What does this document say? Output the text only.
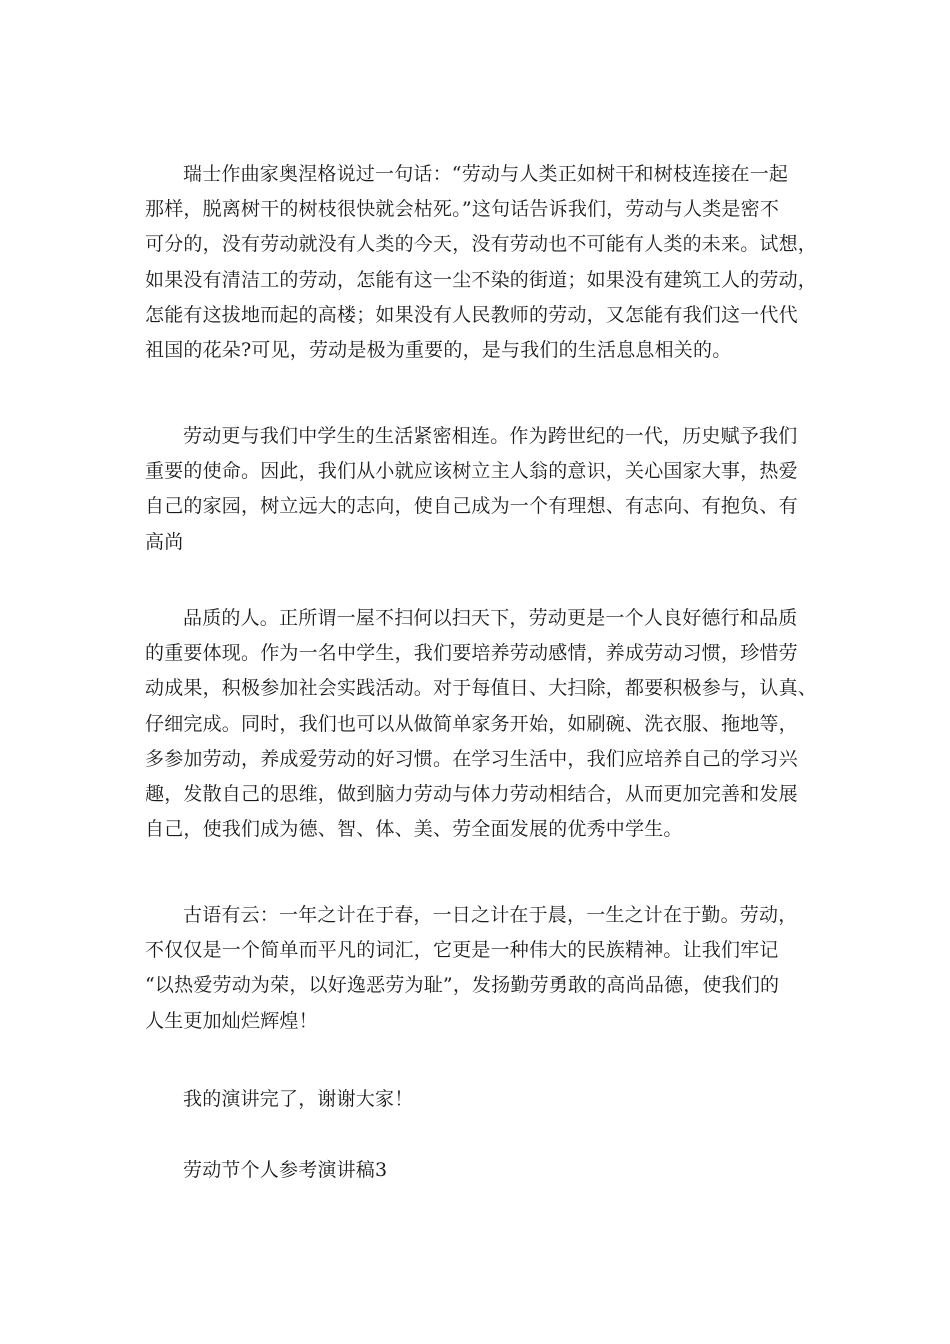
瑞士作曲家奥涅格说过一句话：“劳动与人类正如树干和树枝连接在一起
那样，脱离树干的树枝很快就会枯死。”这句话告诉我们，劳动与人类是密不
可分的，没有劳动就没有人类的今天，没有劳动也不可能有人类的未来。试想，
如果没有清洁工的劳动，怎能有这一尘不染的街道；如果没有建筑工人的劳动，
怎能有这拔地而起的高楼；如果没有人民教师的劳动，又怎能有我们这一代代
祖国的花朵?可见，劳动是极为重要的，是与我们的生活息息相关的。

劳动更与我们中学生的生活紧密相连。作为跨世纪的一代，历史赋予我们
重要的使命。因此，我们从小就应该树立主人翁的意识，关心国家大事，热爱
自己的家园，树立远大的志向，使自己成为一个有理想、有志向、有抱负、有
高尚

品质的人。正所谓一屋不扫何以扫天下，劳动更是一个人良好德行和品质
的重要体现。作为一名中学生，我们要培养劳动感情，养成劳动习惯，珍惜劳
动成果，积极参加社会实践活动。对于每值日、大扫除，都要积极参与，认真、
仔细完成。同时，我们也可以从做简单家务开始，如刷碗、洗衣服、拖地等，
多参加劳动，养成爱劳动的好习惯。在学习生活中，我们应培养自己的学习兴
趣，发散自己的思维，做到脑力劳动与体力劳动相结合，从而更加完善和发展
自己，使我们成为德、智、体、美、劳全面发展的优秀中学生。

古语有云：一年之计在于春，一日之计在于晨，一生之计在于勤。劳动，
不仅仅是一个简单而平凡的词汇，它更是一种伟大的民族精神。让我们牢记
“以热爱劳动为荣，以好逸恶劳为耻”，发扬勤劳勇敢的高尚品德，使我们的
人生更加灿烂辉煌！

我的演讲完了，谢谢大家！

劳动节个人参考演讲稿3
